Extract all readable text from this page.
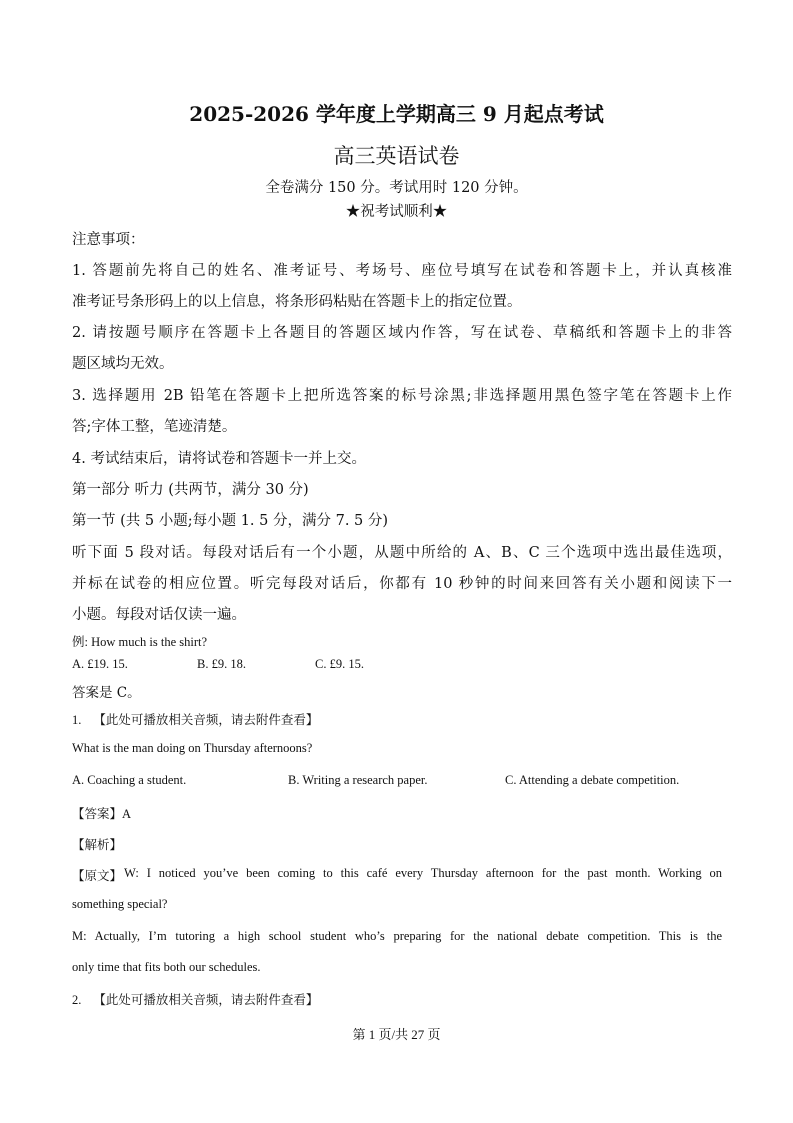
2025-2026 学年度上学期高三 9 月起点考试
高三英语试卷
全卷满分 150 分。考试用时 120 分钟。
★祝考试顺利★
注意事项：
1. 答题前先将自己的姓名、准考证号、考场号、座位号填写在试卷和答题卡上，并认真核准
准考证号条形码上的以上信息，将条形码粘贴在答题卡上的指定位置。
2. 请按题号顺序在答题卡上各题目的答题区域内作答，写在试卷、草稿纸和答题卡上的非答
题区域均无效。
3. 选择题用 2B 铅笔在答题卡上把所选答案的标号涂黑;非选择题用黑色签字笔在答题卡上作
答;字体工整，笔迹清楚。
4. 考试结束后，请将试卷和答题卡一并上交。
第一部分 听力 (共两节，满分 30 分)
第一节 (共 5 小题;每小题 1. 5 分，满分 7. 5 分)
听下面 5 段对话。每段对话后有一个小题，从题中所给的 A、B、C 三个选项中选出最佳选项，
并标在试卷的相应位置。听完每段对话后，你都有 10 秒钟的时间来回答有关小题和阅读下一
小题。每段对话仅读一遍。
例: How much is the shirt?
A. £19. 15.	B. £9. 18.	C. £9. 15.
答案是 C。
1. 【此处可播放相关音频，请去附件查看】
What is the man doing on Thursday afternoons?
A. Coaching a student.	B. Writing a research paper.	C. Attending a debate competition.
【答案】A
【解析】
【原文】 W: I noticed you’ve been coming to this café every Thursday afternoon for the past month. Working on
something special?
M: Actually, I’m tutoring a high school student who’s preparing for the national debate competition. This is the
only time that fits both our schedules.
2. 【此处可播放相关音频，请去附件查看】
第 1 页/共 27 页
